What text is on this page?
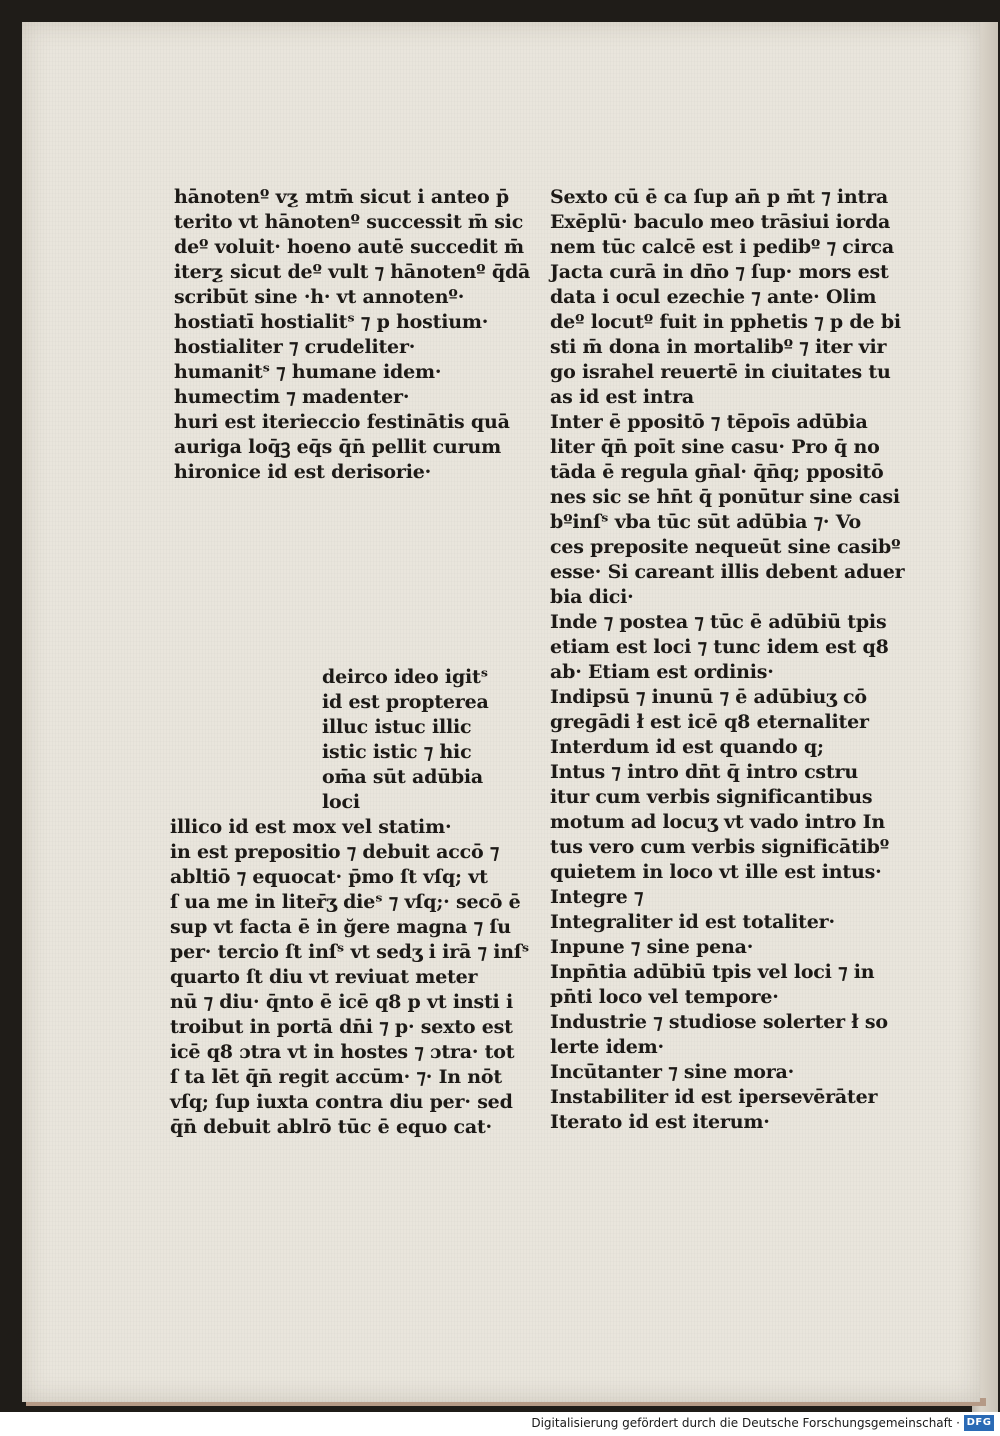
hānotenº vƺ mtm̄ sicut i anteo p̄
terito vt hānotenº successit m̄ sic
deº voluit· hoeno autē succedit m̄
iterƺ sicut deº vult ⁊ hānotenº q̄dā
scribūt sine ·h· vt annotenº·
hostiatī hostialitˢ ⁊ p hostium·
hostialiter ⁊ crudeliter·
humanitˢ ⁊ humane idem·
humectim ⁊ madenter·
huri est iterieccio festinātis quā
auriga loq̄ꝫ eq̄s q̄n̄ pellit curum
hironice id est derisorie·
deirco ideo igitˢ
id est propterea
illuc istuc illic
istic istic ⁊ hic
om̄a sūt adūbia
loci
illico id est mox vel statim·
in est prepositio ⁊ debuit accō ⁊
abltiō ⁊ equocat· p̄mo ſt vſq; vt
ſ ua me in liter̄ʒ dieˢ ⁊ vſq;· secō ē
sup vt facta ē in ğere magna ⁊ ſu
per· tercio ſt inſˢ vt sedʒ i irā ⁊ inſˢ
quarto ſt diu vt reviuat meter
nū ⁊ diu· q̄nto ē icē q8 p vt insti i
troibut in portā dn̄i ⁊ p· sexto est
icē q8 ɔtra vt in hostes ⁊ ɔtra· tot
ſ ta lēt q̄n̄ regit accūm· ⁊· In nōt
vſq; ſup iuxta contra diu per· sed
q̄n̄ debuit ablrō tūc ē equo cat·
Sexto cū ē ca ſup an̄ p m̄t ⁊ intra
Exēplū· baculo meo trāsiui iorda
nem tūc calcē est i pedibº ⁊ circa
Jacta curā in dn̄o ⁊ ſup· mors est
data i ocul ezechie ⁊ ante· Olim
deº locutº fuit in pphetis ⁊ p de bi
sti m̄ dona in mortalibº ⁊ iter vir
go israhel reuertē in ciuitates tu
as id est intra
Inter ē ppositō ⁊ tēpoīs adūbia
liter q̄n̄ poīt sine casu· Pro q̄ no
tāda ē regula gn̄al· q̄n̄q; ppositō
nes sic se hn̄t q̄ ponūtur sine casi
bºinſˢ vba tūc sūt adūbia ⁊· Vo
ces preposite nequeūt sine casibº
esse· Si careant illis debent aduer
bia dici·
Inde ⁊ postea ⁊ tūc ē adūbiū tpis
etiam est loci ⁊ tunc idem est q8
ab· Etiam est ordinis·
Indipsū ⁊ inunū ⁊ ē adūbiuʒ cō
gregādi ł est icē q8 eternaliter
Interdum id est quando q;
Intus ⁊ intro dn̄t q̄ intro cstru
itur cum verbis significantibus
motum ad locuʒ vt vado intro In
tus vero cum verbis significātibº
quietem in loco vt ille est intus·
Integre ⁊
Integraliter id est totaliter·
Inpune ⁊ sine pena·
Inpn̄tia adūbiū tpis vel loci ⁊ in
pn̄ti loco vel tempore·
Industrie ⁊ studiose solerter ł so
lerte idem·
Incūtanter ⁊ sine mora·
Instabiliter id est ipersevērāter
Iterato id est iterum·
Digitalisierung gefördert durch die Deutsche Forschungsgemeinschaft · DFG
